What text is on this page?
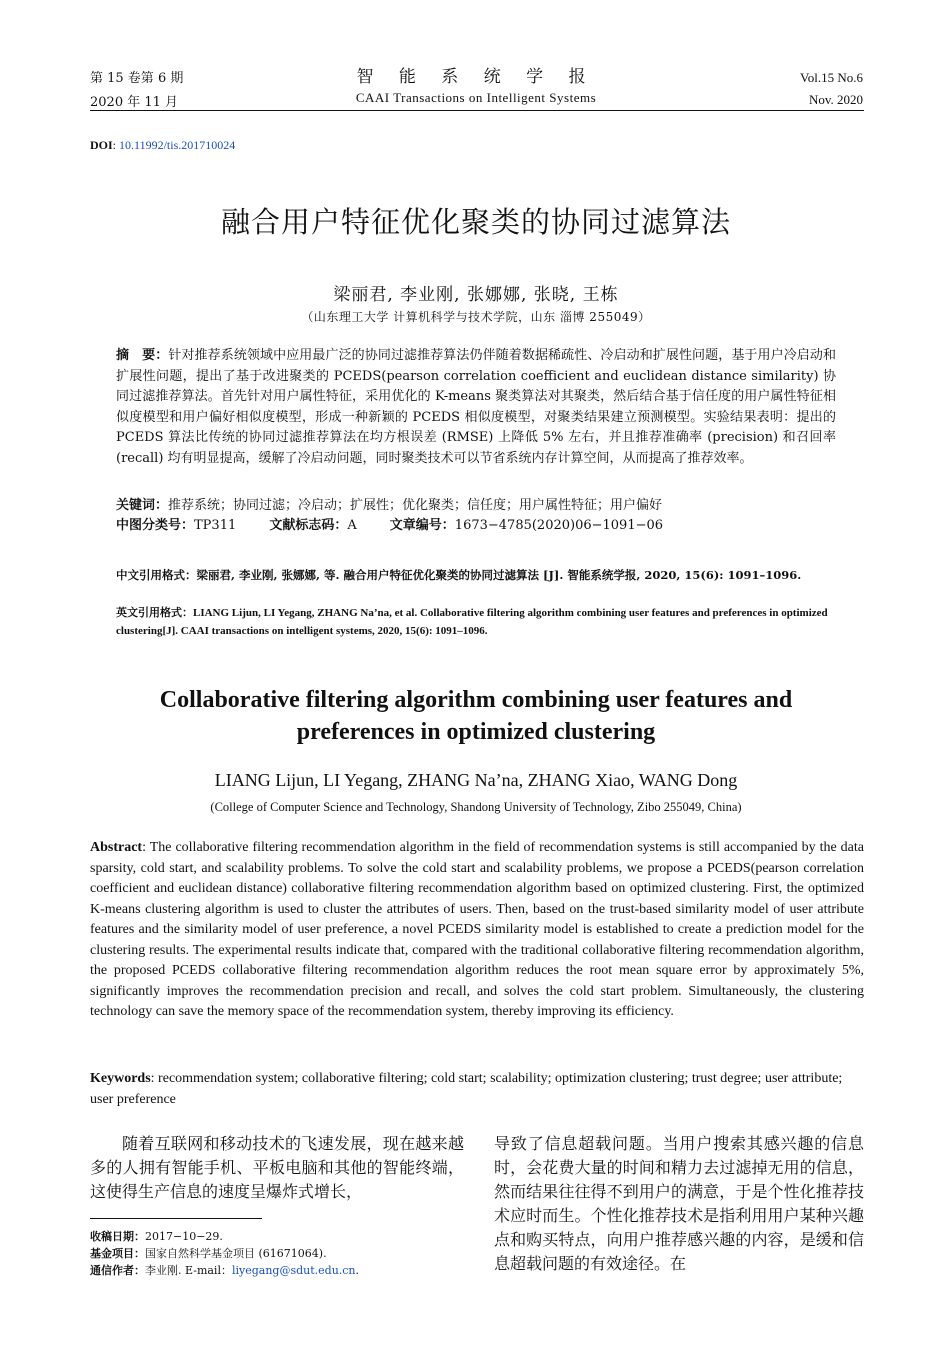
第 15 卷第 6 期
2020 年 11 月
智 能 系 统 学 报
CAAI Transactions on Intelligent Systems
Vol.15 No.6
Nov. 2020
DOI: 10.11992/tis.201710024
融合用户特征优化聚类的协同过滤算法
梁丽君, 李业刚, 张娜娜, 张晓, 王栋
（山东理工大学 计算机科学与技术学院，山东 淄博 255049）
摘　要：针对推荐系统领域中应用最广泛的协同过滤推荐算法仍伴随着数据稀疏性、冷启动和扩展性问题，基于用户冷启动和扩展性问题，提出了基于改进聚类的 PCEDS(pearson correlation coefficient and euclidean distance similarity) 协同过滤推荐算法。首先针对用户属性特征，采用优化的 K-means 聚类算法对其聚类，然后结合基于信任度的用户属性特征相似度模型和用户偏好相似度模型，形成一种新颖的 PCEDS 相似度模型，对聚类结果建立预测模型。实验结果表明：提出的 PCEDS 算法比传统的协同过滤推荐算法在均方根误差 (RMSE) 上降低 5% 左右，并且推荐准确率 (precision) 和召回率 (recall) 均有明显提高，缓解了冷启动问题，同时聚类技术可以节省系统内存计算空间，从而提高了推荐效率。
关键词：推荐系统；协同过滤；冷启动；扩展性；优化聚类；信任度；用户属性特征；用户偏好
中图分类号：TP311	文献标志码：A	文章编号：1673−4785(2020)06−1091−06
中文引用格式：梁丽君, 李业刚, 张娜娜, 等. 融合用户特征优化聚类的协同过滤算法 [J]. 智能系统学报, 2020, 15(6): 1091–1096.
英文引用格式：LIANG Lijun, LI Yegang, ZHANG Na’na, et al. Collaborative filtering algorithm combining user features and preferences in optimized clustering[J]. CAAI transactions on intelligent systems, 2020, 15(6): 1091–1096.
Collaborative filtering algorithm combining user features and preferences in optimized clustering
LIANG Lijun, LI Yegang, ZHANG Na’na, ZHANG Xiao, WANG Dong
(College of Computer Science and Technology, Shandong University of Technology, Zibo 255049, China)
Abstract: The collaborative filtering recommendation algorithm in the field of recommendation systems is still accompanied by the data sparsity, cold start, and scalability problems. To solve the cold start and scalability problems, we propose a PCEDS(pearson correlation coefficient and euclidean distance) collaborative filtering recommendation algorithm based on optimized clustering. First, the optimized K-means clustering algorithm is used to cluster the attributes of users. Then, based on the trust-based similarity model of user attribute features and the similarity model of user preference, a novel PCEDS similarity model is established to create a prediction model for the clustering results. The experimental results indicate that, compared with the traditional collaborative filtering recommendation algorithm, the proposed PCEDS collaborative filtering recommendation algorithm reduces the root mean square error by approximately 5%, significantly improves the recommendation precision and recall, and solves the cold start problem. Simultaneously, the clustering technology can save the memory space of the recommendation system, thereby improving its efficiency.
Keywords: recommendation system; collaborative filtering; cold start; scalability; optimization clustering; trust degree; user attribute; user preference
随着互联网和移动技术的飞速发展，现在越来越多的人拥有智能手机、平板电脑和其他的智能终端，这使得生产信息的速度呈爆炸式增长，
导致了信息超载问题。当用户搜索其感兴趣的信息时，会花费大量的时间和精力去过滤掉无用的信息，然而结果往往得不到用户的满意，于是个性化推荐技术应时而生。个性化推荐技术是指利用用户某种兴趣点和购买特点，向用户推荐感兴趣的内容，是缓和信息超载问题的有效途径。在
收稿日期：2017−10−29.
基金项目：国家自然科学基金项目 (61671064).
通信作者：李业刚. E-mail：liyegang@sdut.edu.cn.
